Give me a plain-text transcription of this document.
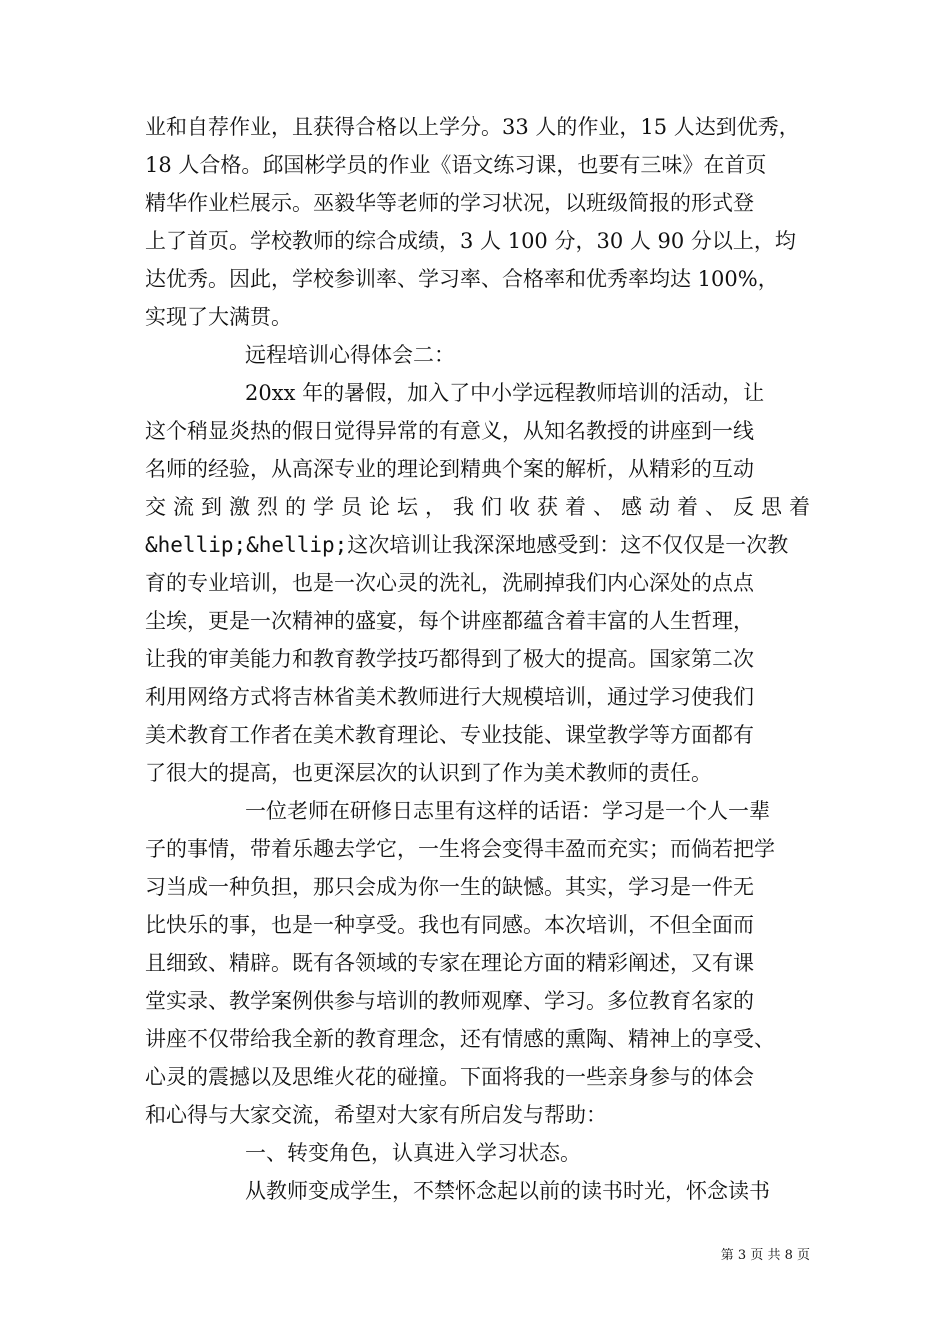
业和自荐作业，且获得合格以上学分。33 人的作业，15 人达到优秀，
18 人合格。邱国彬学员的作业《语文练习课，也要有三味》在首页
精华作业栏展示。巫毅华等老师的学习状况，以班级简报的形式登
上了首页。学校教师的综合成绩，3 人 100 分，30 人 90 分以上，均
达优秀。因此，学校参训率、学习率、合格率和优秀率均达 100%，
实现了大满贯。
远程培训心得体会二：
20xx 年的暑假，加入了中小学远程教师培训的活动，让
这个稍显炎热的假日觉得异常的有意义，从知名教授的讲座到一线
名师的经验，从高深专业的理论到精典个案的解析，从精彩的互动
交 流 到 激 烈 的 学 员 论 坛 ， 我 们 收 获 着 、 感 动 着 、 反 思 着
&hellip;&hellip;这次培训让我深深地感受到：这不仅仅是一次教
育的专业培训，也是一次心灵的洗礼，洗刷掉我们内心深处的点点
尘埃，更是一次精神的盛宴，每个讲座都蕴含着丰富的人生哲理，
让我的审美能力和教育教学技巧都得到了极大的提高。国家第二次
利用网络方式将吉林省美术教师进行大规模培训，通过学习使我们
美术教育工作者在美术教育理论、专业技能、课堂教学等方面都有
了很大的提高，也更深层次的认识到了作为美术教师的责任。
一位老师在研修日志里有这样的话语：学习是一个人一辈
子的事情，带着乐趣去学它，一生将会变得丰盈而充实；而倘若把学
习当成一种负担，那只会成为你一生的缺憾。其实，学习是一件无
比快乐的事，也是一种享受。我也有同感。本次培训，不但全面而
且细致、精辟。既有各领域的专家在理论方面的精彩阐述，又有课
堂实录、教学案例供参与培训的教师观摩、学习。多位教育名家的
讲座不仅带给我全新的教育理念，还有情感的熏陶、精神上的享受、
心灵的震撼以及思维火花的碰撞。下面将我的一些亲身参与的体会
和心得与大家交流，希望对大家有所启发与帮助：
一、转变角色，认真进入学习状态。
从教师变成学生，不禁怀念起以前的读书时光，怀念读书
第 3 页 共 8 页
